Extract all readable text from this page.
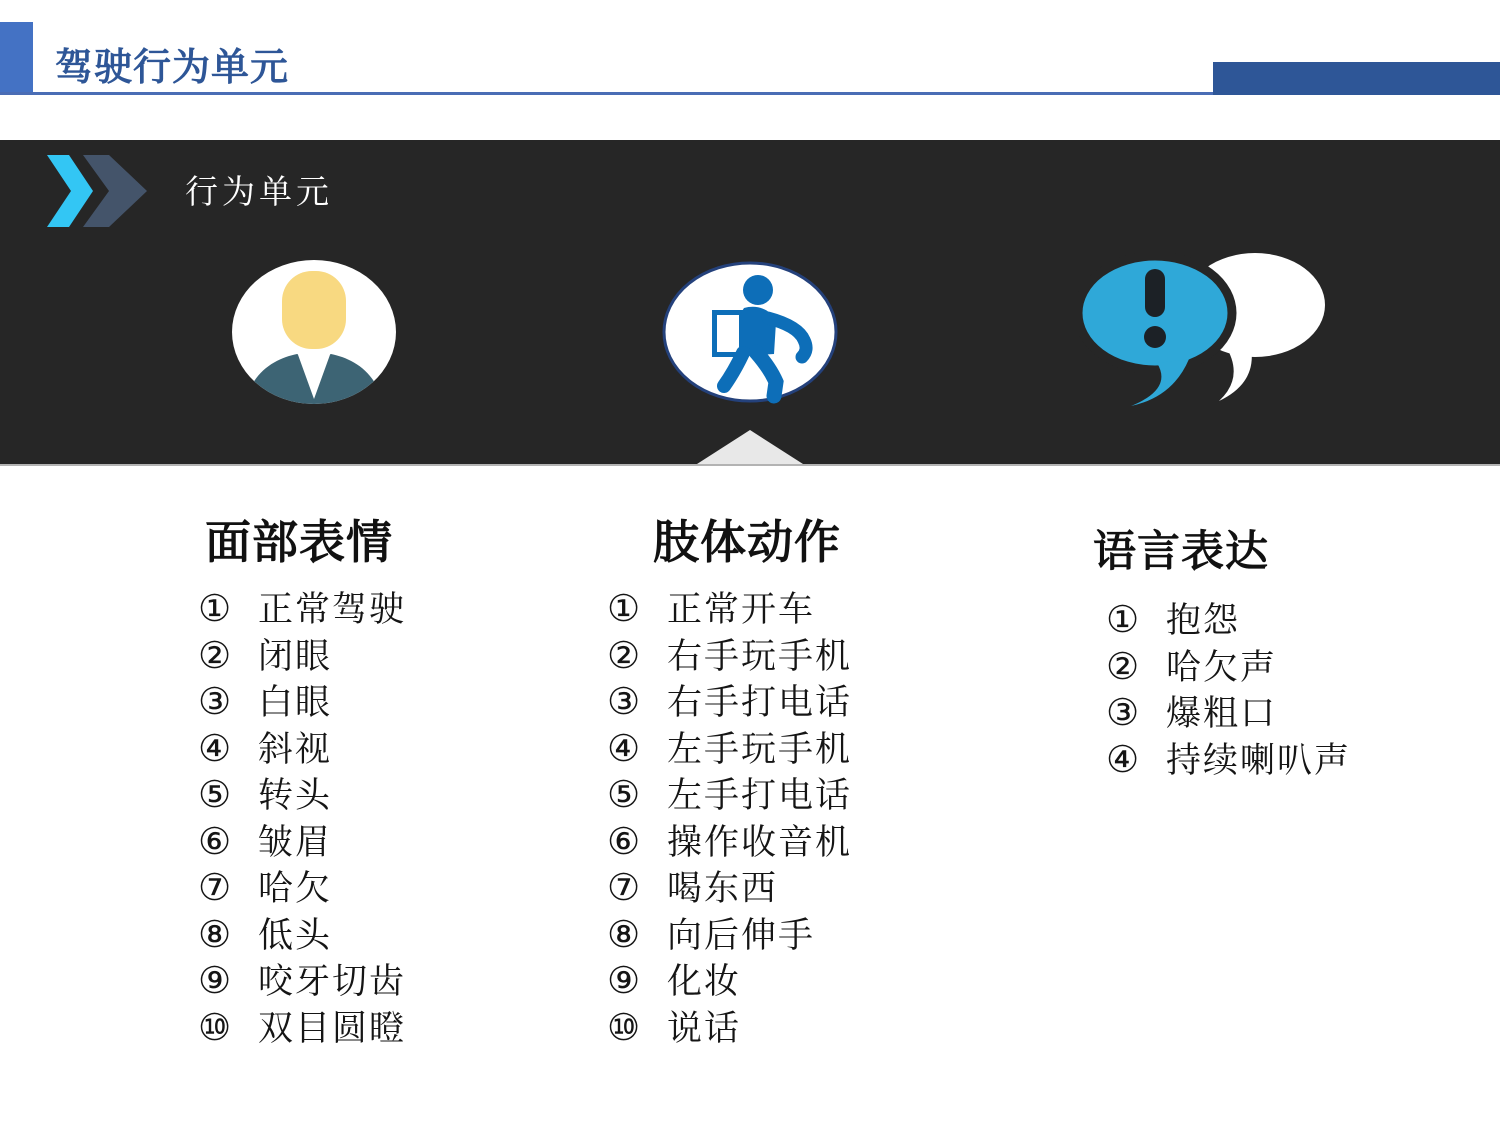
驾驶行为单元
行为单元
面部表情	肢体动作	语言表达
① 正常驾驶
② 闭眼
③ 白眼
④ 斜视
⑤ 转头
⑥ 皱眉
⑦ 哈欠
⑧ 低头
⑨ 咬牙切齿
⑩ 双目圆瞪
① 正常开车
② 右手玩手机
③ 右手打电话
④ 左手玩手机
⑤ 左手打电话
⑥ 操作收音机
⑦ 喝东西
⑧ 向后伸手
⑨ 化妆
⑩ 说话
① 抱怨
② 哈欠声
③ 爆粗口
④ 持续喇叭声
